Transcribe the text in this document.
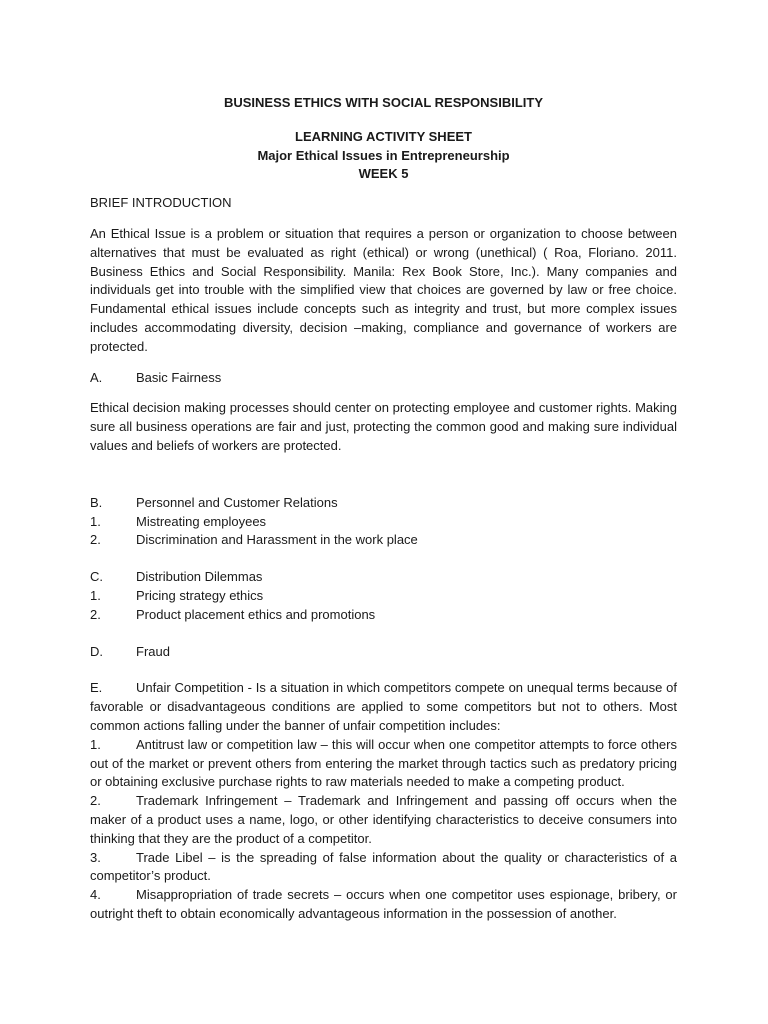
BUSINESS ETHICS WITH SOCIAL RESPONSIBILITY

LEARNING ACTIVITY SHEET

Major Ethical Issues in Entrepreneurship

WEEK 5

BRIEF INTRODUCTION

An Ethical Issue is a problem or situation that requires a person or organization to choose between alternatives that must be evaluated as right (ethical) or wrong (unethical) ( Roa, Floriano. 2011. Business Ethics and Social Responsibility. Manila: Rex Book Store, Inc.). Many companies and individuals get into trouble with the simplified view that choices are governed by law or free choice. Fundamental ethical issues include concepts such as integrity and trust, but more complex issues includes accommodating diversity, decision –making, compliance and governance of workers are protected.

A.	Basic Fairness

Ethical decision making processes should center on protecting employee and customer rights. Making sure all business operations are fair and just, protecting the common good and making sure individual values and beliefs of workers are protected.

B.	Personnel and Customer Relations
1.	Mistreating employees
2.	Discrimination and Harassment in the work place
C.	Distribution Dilemmas
1.	Pricing strategy ethics
2.	Product placement ethics and promotions
D.	Fraud

E.	Unfair Competition - Is a situation in which competitors compete on unequal terms because of favorable or disadvantageous conditions are applied to some competitors but not to others. Most common actions falling under the banner of unfair competition includes:

1.	Antitrust law or competition law – this will occur when one competitor attempts to force others out of the market or prevent others from entering the market through tactics such as predatory pricing or obtaining exclusive purchase rights to raw materials needed to make a competing product.

2.	Trademark Infringement – Trademark and Infringement and passing off occurs when the maker of a product uses a name, logo, or other identifying characteristics to deceive consumers into thinking that they are the product of a competitor.

3.	Trade Libel – is the spreading of false information about the quality or characteristics of a competitor’s product.

4.	Misappropriation of trade secrets – occurs when one competitor uses espionage, bribery, or outright theft to obtain economically advantageous information in the possession of another.
